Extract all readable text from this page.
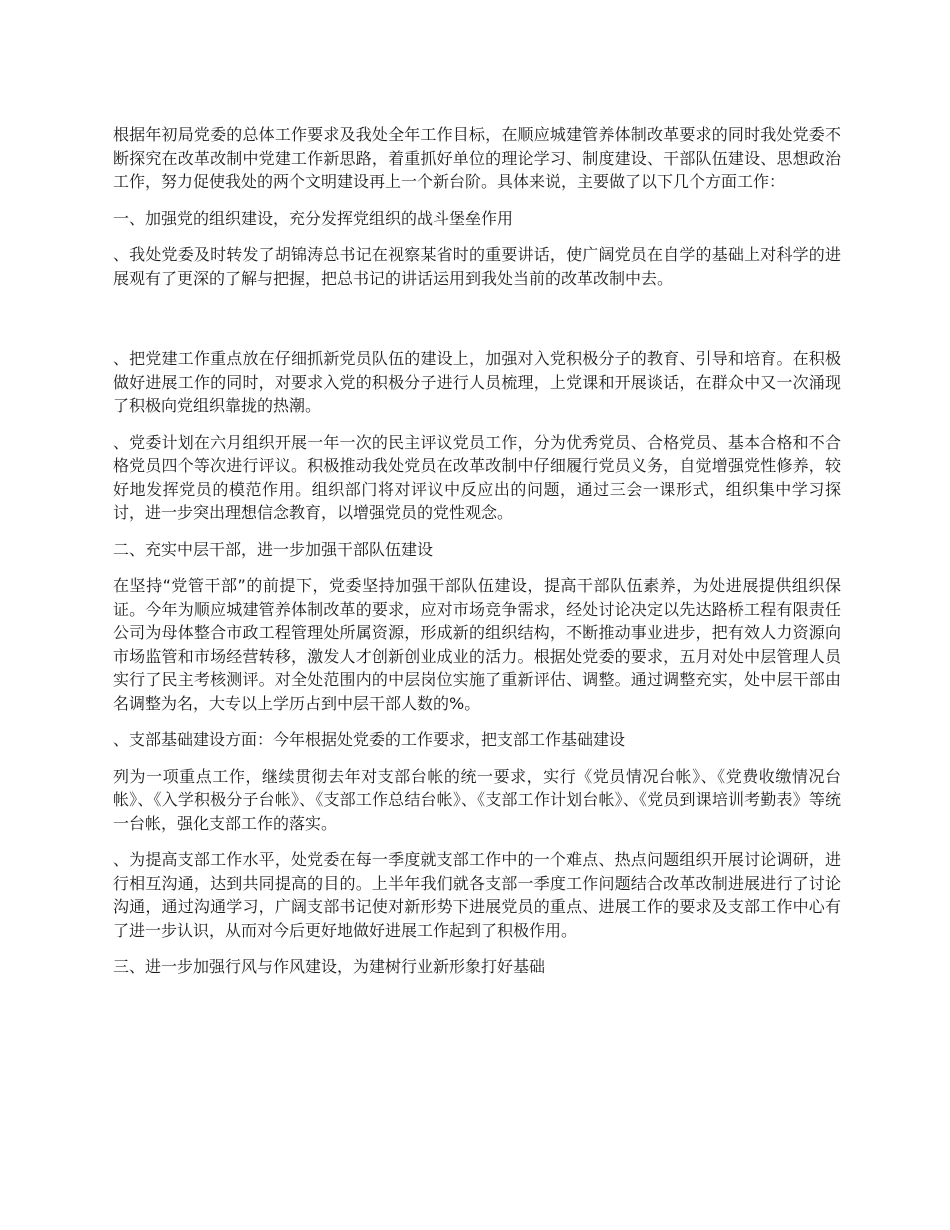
根据年初局党委的总体工作要求及我处全年工作目标，在顺应城建管养体制改革要求的同时我处党委不断探究在改革改制中党建工作新思路，着重抓好单位的理论学习、制度建设、干部队伍建设、思想政治工作，努力促使我处的两个文明建设再上一个新台阶。具体来说，主要做了以下几个方面工作：

一、加强党的组织建设，充分发挥党组织的战斗堡垒作用

、我处党委及时转发了胡锦涛总书记在视察某省时的重要讲话，使广阔党员在自学的基础上对科学的进展观有了更深的了解与把握，把总书记的讲话运用到我处当前的改革改制中去。

、把党建工作重点放在仔细抓新党员队伍的建设上，加强对入党积极分子的教育、引导和培育。在积极做好进展工作的同时，对要求入党的积极分子进行人员梳理，上党课和开展谈话，在群众中又一次涌现了积极向党组织靠拢的热潮。

、党委计划在六月组织开展一年一次的民主评议党员工作，分为优秀党员、合格党员、基本合格和不合格党员四个等次进行评议。积极推动我处党员在改革改制中仔细履行党员义务，自觉增强党性修养，较好地发挥党员的模范作用。组织部门将对评议中反应出的问题，通过三会一课形式，组织集中学习探讨，进一步突出理想信念教育，以增强党员的党性观念。

二、充实中层干部，进一步加强干部队伍建设

在坚持“党管干部”的前提下，党委坚持加强干部队伍建设，提高干部队伍素养，为处进展提供组织保证。今年为顺应城建管养体制改革的要求，应对市场竞争需求，经处讨论决定以先达路桥工程有限责任公司为母体整合市政工程管理处所属资源，形成新的组织结构，不断推动事业进步，把有效人力资源向市场监管和市场经营转移，激发人才创新创业成业的活力。根据处党委的要求，五月对处中层管理人员实行了民主考核测评。对全处范围内的中层岗位实施了重新评估、调整。通过调整充实，处中层干部由名调整为名，大专以上学历占到中层干部人数的%。

、支部基础建设方面：今年根据处党委的工作要求，把支部工作基础建设

列为一项重点工作，继续贯彻去年对支部台帐的统一要求，实行《党员情况台帐》、《党费收缴情况台帐》、《入学积极分子台帐》、《支部工作总结台帐》、《支部工作计划台帐》、《党员到课培训考勤表》等统一台帐，强化支部工作的落实。

、为提高支部工作水平，处党委在每一季度就支部工作中的一个难点、热点问题组织开展讨论调研，进行相互沟通，达到共同提高的目的。上半年我们就各支部一季度工作问题结合改革改制进展进行了讨论沟通，通过沟通学习，广阔支部书记使对新形势下进展党员的重点、进展工作的要求及支部工作中心有了进一步认识，从而对今后更好地做好进展工作起到了积极作用。

三、进一步加强行风与作风建设，为建树行业新形象打好基础
